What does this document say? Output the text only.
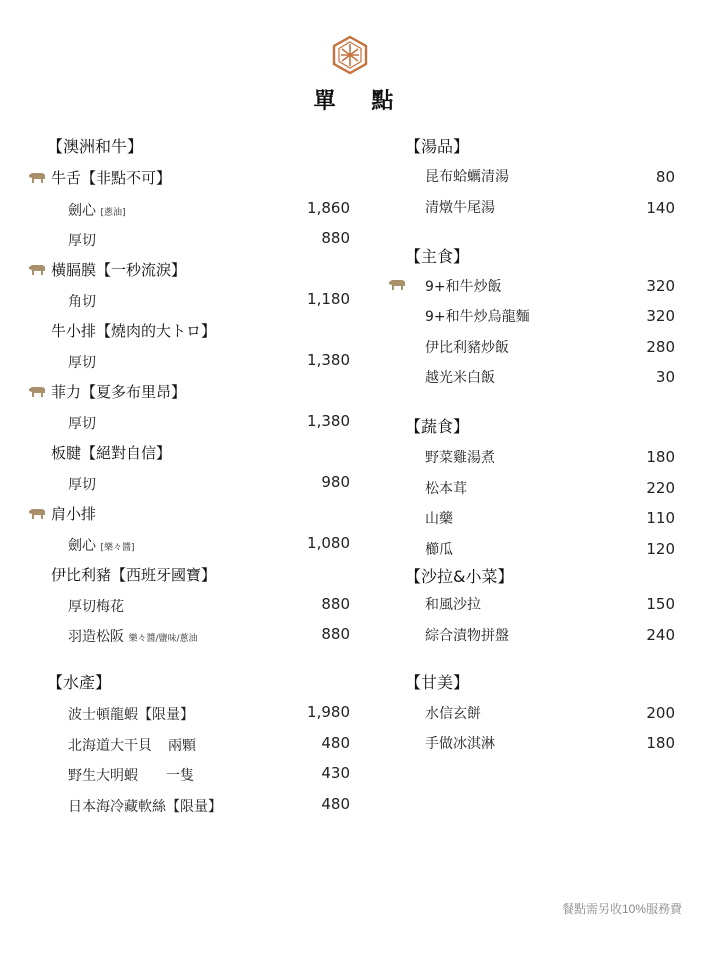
單 點
【澳洲和牛】
牛舌【非點不可】
劍心 [蔥油]	1,860
厚切	880
橫膈膜【一秒流淚】
角切	1,180
牛小排【燒肉的大トロ】
厚切	1,380
菲力【夏多布里昂】
厚切	1,380
板腱【絕對自信】
厚切	980
肩小排
劍心 [樂々醬]	1,080
伊比利豬【西班牙國寶】
厚切梅花	880
羽造松阪 樂々醬/鹽味/蔥油	880
【水產】
波士頓龍蝦【限量】	1,980
北海道大干貝 兩顆	480
野生大明蝦 一隻	430
日本海冷藏軟絲【限量】	480
【湯品】
昆布蛤蠣清湯	80
清燉牛尾湯	140
【主食】
9+和牛炒飯	320
9+和牛炒烏龍麵	320
伊比利豬炒飯	280
越光米白飯	30
【蔬食】
野菜雞湯煮	180
松本茸	220
山藥	110
櫛瓜	120
【沙拉&小菜】
和風沙拉	150
綜合漬物拼盤	240
【甘美】
水信玄餅	200
手做冰淇淋	180
餐點需另收10%服務費
